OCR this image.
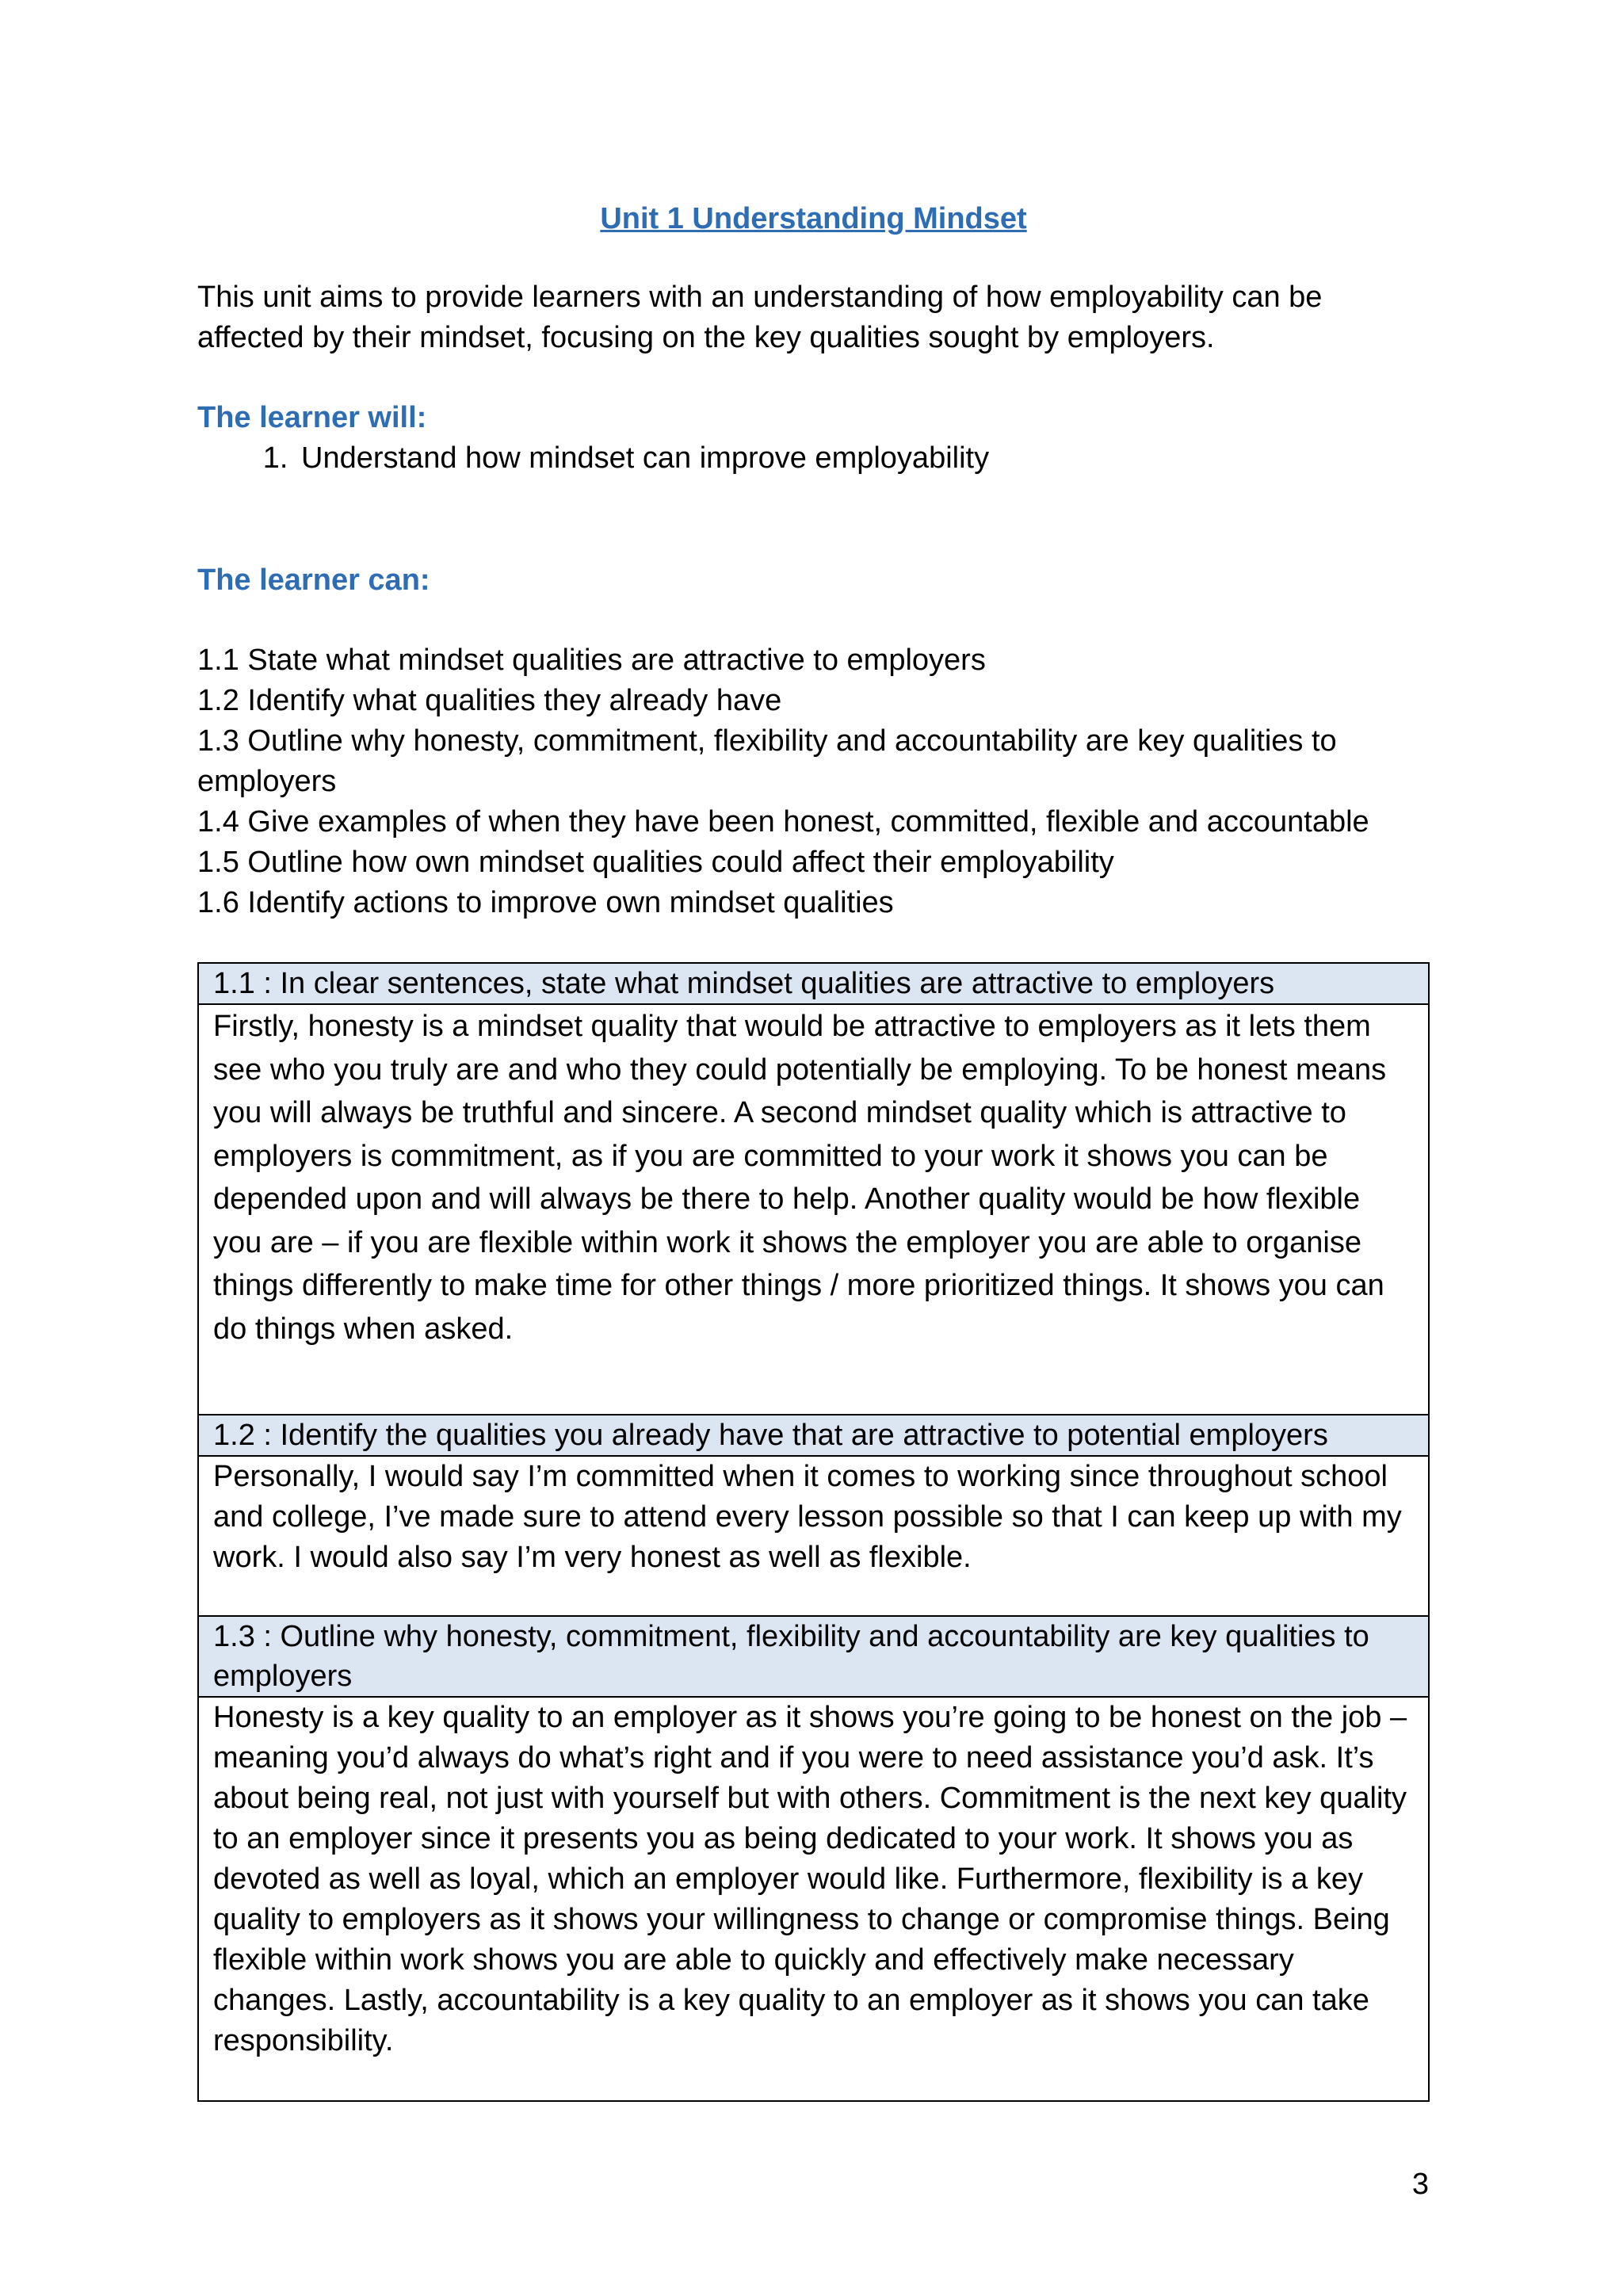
Unit 1 Understanding Mindset
This unit aims to provide learners with an understanding of how employability can be affected by their mindset, focusing on the key qualities sought by employers.
The learner will:
1. Understand how mindset can improve employability
The learner can:
1.1 State what mindset qualities are attractive to employers
1.2 Identify what qualities they already have
1.3 Outline why honesty, commitment, flexibility and accountability are key qualities to employers
1.4 Give examples of when they have been honest, committed, flexible and accountable
1.5 Outline how own mindset qualities could affect their employability
1.6 Identify actions to improve own mindset qualities
1.1 : In clear sentences, state what mindset qualities are attractive to employers
Firstly, honesty is a mindset quality that would be attractive to employers as it lets them see who you truly are and who they could potentially be employing. To be honest means you will always be truthful and sincere. A second mindset quality which is attractive to employers is commitment, as if you are committed to your work it shows you can be depended upon and will always be there to help. Another quality would be how flexible you are – if you are flexible within work it shows the employer you are able to organise things differently to make time for other things / more prioritized things. It shows you can do things when asked.
1.2 : Identify the qualities you already have that are attractive to potential employers
Personally, I would say I’m committed when it comes to working since throughout school and college, I’ve made sure to attend every lesson possible so that I can keep up with my work. I would also say I’m very honest as well as flexible.
1.3 : Outline why honesty, commitment, flexibility and accountability are key qualities to employers
Honesty is a key quality to an employer as it shows you’re going to be honest on the job – meaning you’d always do what’s right and if you were to need assistance you’d ask. It’s about being real, not just with yourself but with others. Commitment is the next key quality to an employer since it presents you as being dedicated to your work. It shows you as devoted as well as loyal, which an employer would like. Furthermore, flexibility is a key quality to employers as it shows your willingness to change or compromise things. Being flexible within work shows you are able to quickly and effectively make necessary changes. Lastly, accountability is a key quality to an employer as it shows you can take responsibility.
3
